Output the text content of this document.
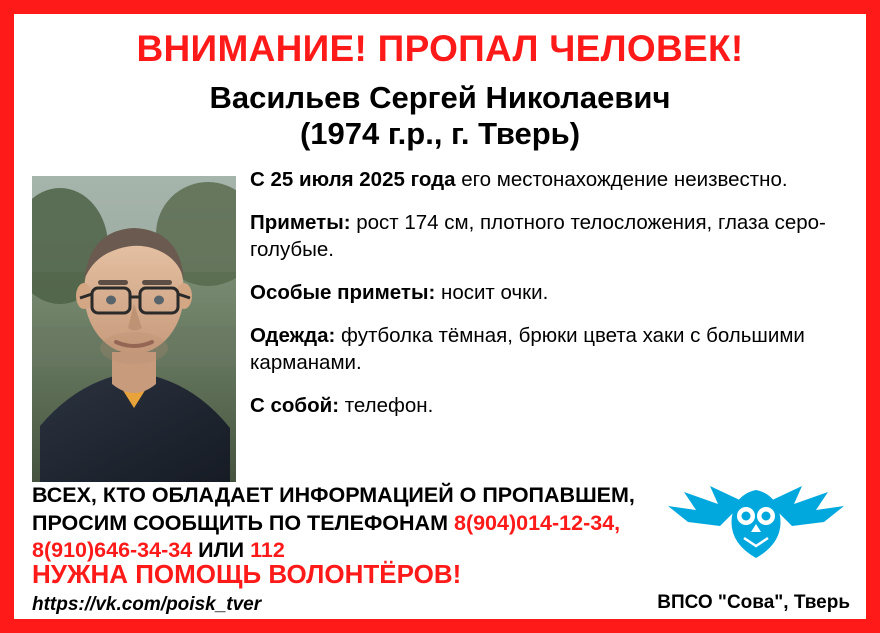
ВНИМАНИЕ! ПРОПАЛ ЧЕЛОВЕК!
Васильев Сергей Николаевич
(1974 г.р., г. Тверь)

С 25 июля 2025 года его местонахождение неизвестно.

Приметы: рост 174 см, плотного телосложения, глаза серо-голубые.

Особые приметы: носит очки.

Одежда: футболка тёмная, брюки цвета хаки с большими карманами.

С собой: телефон.

ВСЕХ, КТО ОБЛАДАЕТ ИНФОРМАЦИЕЙ О ПРОПАВШЕМ,
ПРОСИМ СООБЩИТЬ ПО ТЕЛЕФОНАМ 8(904)014-12-34,
8(910)646-34-34 ИЛИ 112
НУЖНА ПОМОЩЬ ВОЛОНТЁРОВ!
https://vk.com/poisk_tver	ВПСО "Сова", Тверь
